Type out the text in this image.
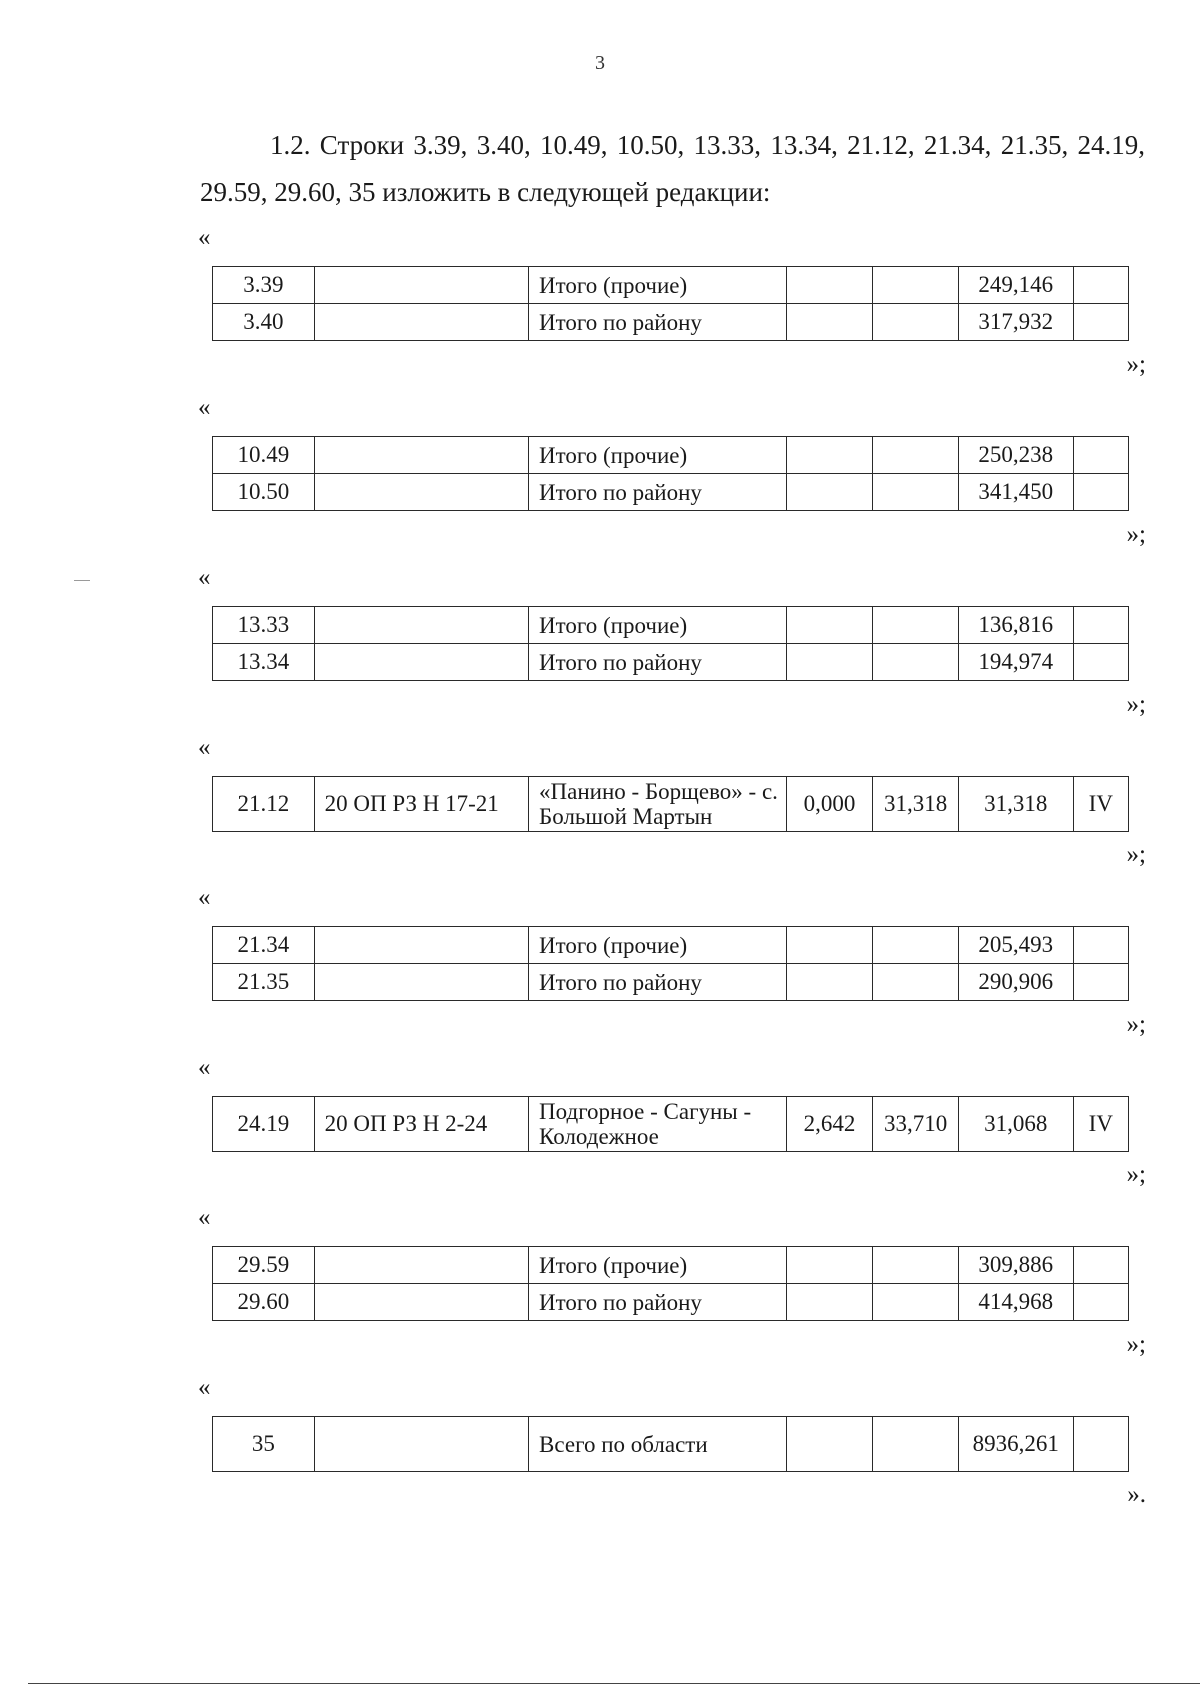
3
1.2. Строки 3.39, 3.40, 10.49, 10.50, 13.33, 13.34, 21.12, 21.34, 21.35, 24.19, 29.59, 29.60, 35 изложить в следующей редакции:
«
3.39		Итого (прочие)			249,146	
3.40		Итого по району			317,932	
»;
«
10.49		Итого (прочие)			250,238	
10.50		Итого по району			341,450	
»;
«
13.33		Итого (прочие)			136,816	
13.34		Итого по району			194,974	
»;
«
21.12	20 ОП РЗ Н 17-21	«Панино - Борщево» - с. Большой Мартын	0,000	31,318	31,318	IV
»;
«
21.34		Итого (прочие)			205,493	
21.35		Итого по району			290,906	
»;
«
24.19	20 ОП РЗ Н 2-24	Подгорное - Сагуны - Колодежное	2,642	33,710	31,068	IV
»;
«
29.59		Итого (прочие)			309,886	
29.60		Итого по району			414,968	
»;
«
35		Всего по области			8936,261	
».
